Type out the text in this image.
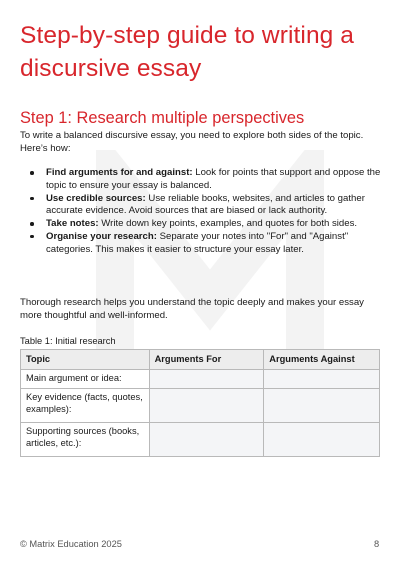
Step-by-step guide to writing a discursive essay
Step 1: Research multiple perspectives

To write a balanced discursive essay, you need to explore both sides of the topic. Here’s how:

Find arguments for and against: Look for points that support and oppose the topic to ensure your essay is balanced.
Use credible sources: Use reliable books, websites, and articles to gather accurate evidence. Avoid sources that are biased or lack authority.
Take notes: Write down key points, examples, and quotes for both sides.
Organise your research: Separate your notes into "For" and "Against" categories. This makes it easier to structure your essay later.

Thorough research helps you understand the topic deeply and makes your essay more thoughtful and well-informed.

Table 1: Initial research

Topic	Arguments For	Arguments Against
Main argument or idea:		
Key evidence (facts, quotes, examples):		
Supporting sources (books, articles, etc.):		
© Matrix Education 2025	8
